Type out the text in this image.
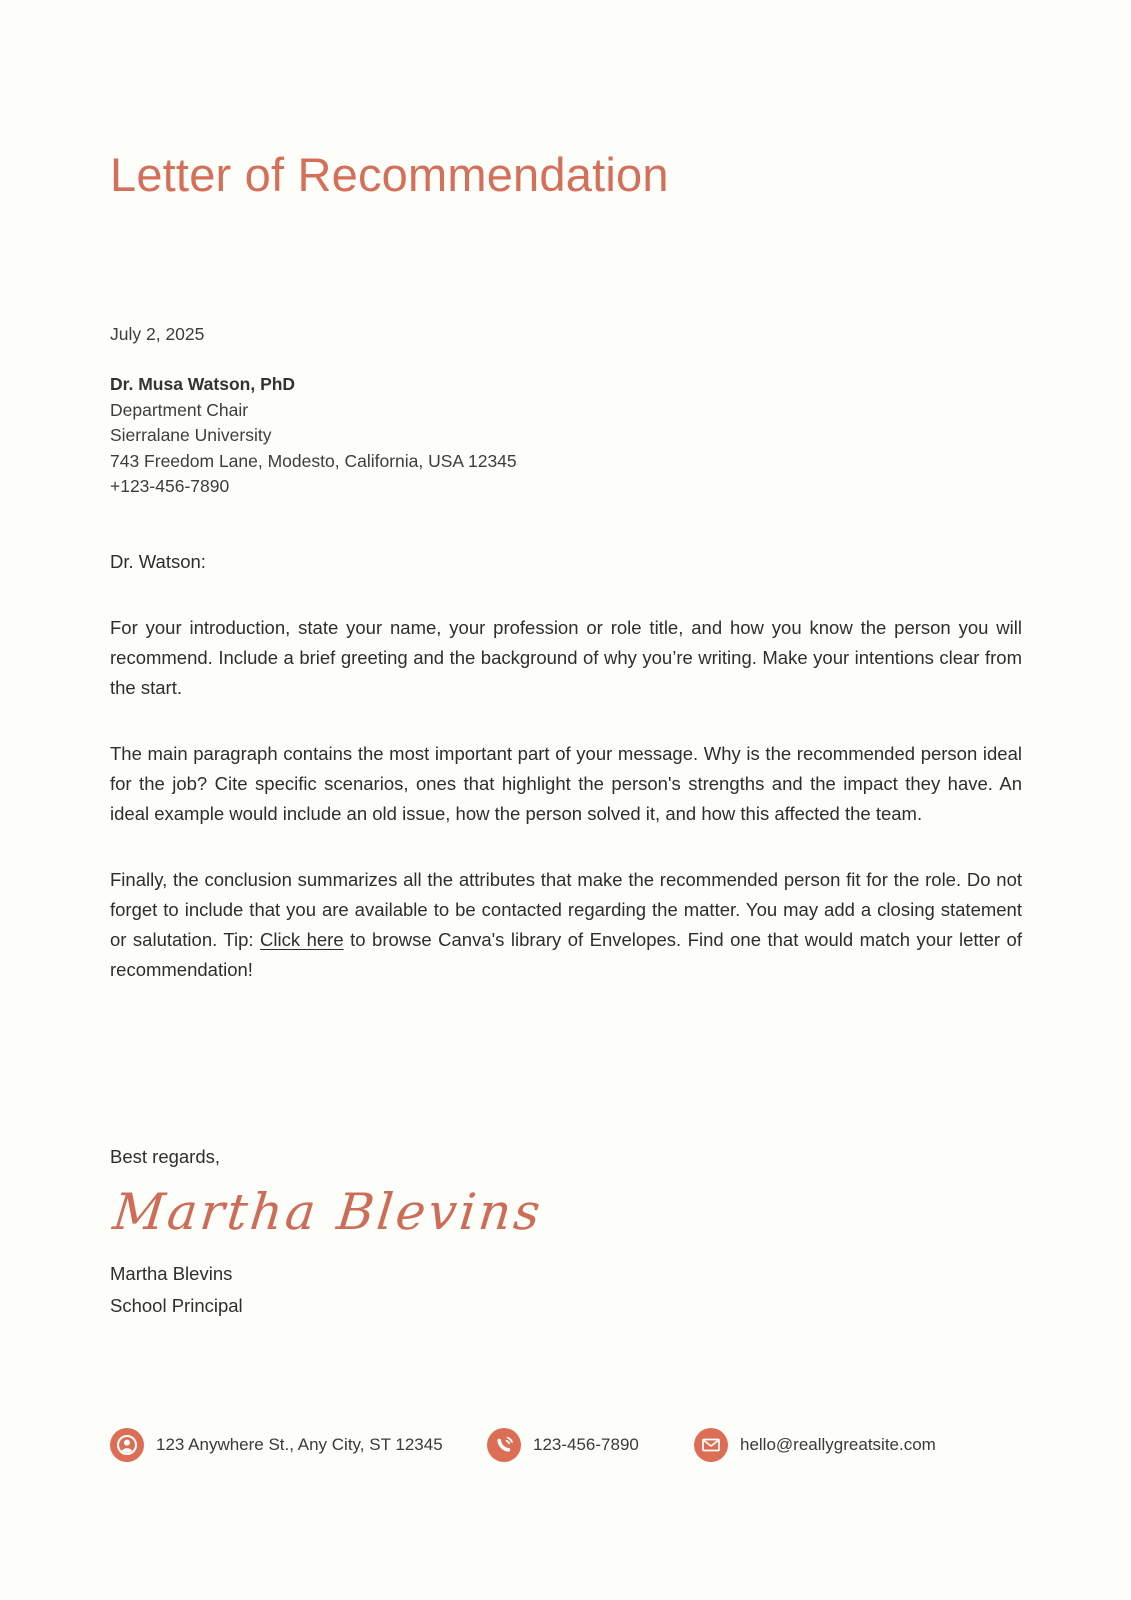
Letter of Recommendation
July 2, 2025
Dr. Musa Watson, PhD
Department Chair
Sierralane University
743 Freedom Lane, Modesto, California, USA 12345
+123-456-7890

Dr. Watson:

For your introduction, state your name, your profession or role title, and how you know the person you will recommend. Include a brief greeting and the background of why you’re writing. Make your intentions clear from the start.

The main paragraph contains the most important part of your message. Why is the recommended person ideal for the job? Cite specific scenarios, ones that highlight the person's strengths and the impact they have. An ideal example would include an old issue, how the person solved it, and how this affected the team.

Finally, the conclusion summarizes all the attributes that make the recommended person fit for the role. Do not forget to include that you are available to be contacted regarding the matter. You may add a closing statement or salutation. Tip: Click here to browse Canva's library of Envelopes. Find one that would match your letter of recommendation!

Best regards,
Martha Blevins
Martha Blevins
School Principal
123 Anywhere St., Any City, ST 12345	123-456-7890	hello@reallygreatsite.com
